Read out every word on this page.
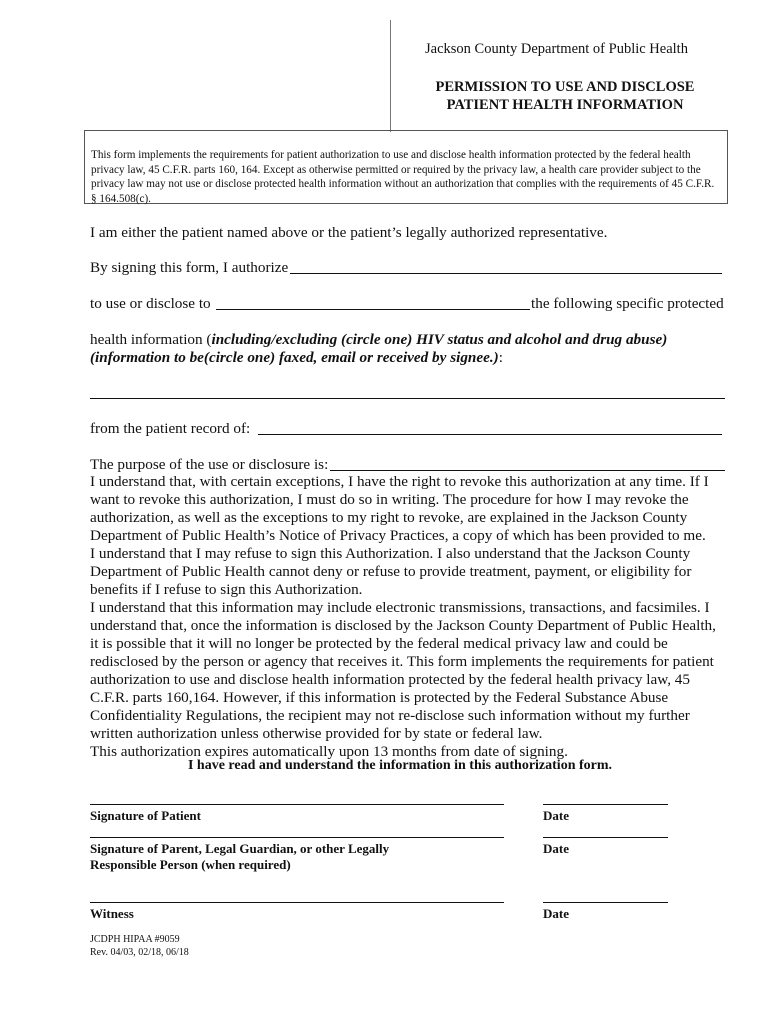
Jackson County Department of Public Health
PERMISSION TO USE AND DISCLOSE
PATIENT HEALTH INFORMATION
This form implements the requirements for patient authorization to use and disclose health information protected by the federal health privacy law, 45 C.F.R. parts 160, 164. Except as otherwise permitted or required by the privacy law, a health care provider subject to the privacy law may not use or disclose protected health information without an authorization that complies with the requirements of 45 C.F.R. § 164.508(c).
I am either the patient named above or the patient’s legally authorized representative.
By signing this form, I authorize
to use or disclose to	the following specific protected
health information (including/excluding (circle one) HIV status and alcohol and drug abuse)
(information to be(circle one) faxed, email or received by signee.):
from the patient record of:
The purpose of the use or disclosure is:
I understand that, with certain exceptions, I have the right to revoke this authorization at any time. If I want to revoke this authorization, I must do so in writing. The procedure for how I may revoke the authorization, as well as the exceptions to my right to revoke, are explained in the Jackson County Department of Public Health’s Notice of Privacy Practices, a copy of which has been provided to me.
I understand that I may refuse to sign this Authorization. I also understand that the Jackson County Department of Public Health cannot deny or refuse to provide treatment, payment, or eligibility for benefits if I refuse to sign this Authorization.
I understand that this information may include electronic transmissions, transactions, and facsimiles. I understand that, once the information is disclosed by the Jackson County Department of Public Health, it is possible that it will no longer be protected by the federal medical privacy law and could be redisclosed by the person or agency that receives it. This form implements the requirements for patient authorization to use and disclose health information protected by the federal health privacy law, 45 C.F.R. parts 160,164. However, if this information is protected by the Federal Substance Abuse Confidentiality Regulations, the recipient may not re-disclose such information without my further written authorization unless otherwise provided for by state or federal law.
This authorization expires automatically upon 13 months from date of signing.
I have read and understand the information in this authorization form.
Signature of Patient	Date
Signature of Parent, Legal Guardian, or other Legally
Responsible Person (when required)
Date
Witness	Date
JCDPH HIPAA #9059
Rev. 04/03, 02/18, 06/18
